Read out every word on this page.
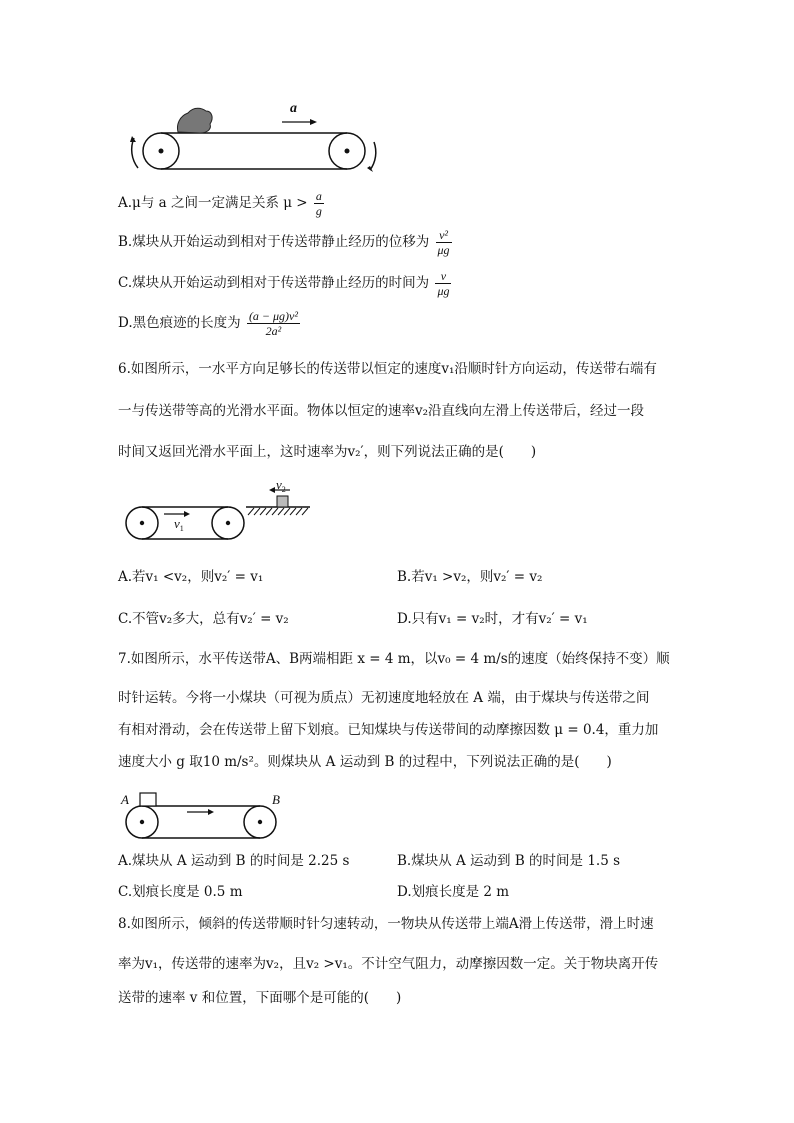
a
A.μ与 a 之间一定满足关系 $\mu > \frac{a}{g}$
B.煤块从开始运动到相对于传送带静止经历的位移为 $\frac{\text{v²}}{\mu g}$
C.煤块从开始运动到相对于传送带静止经历的时间为 $\frac{v}{\mu g}$
D.黑色痕迹的长度为 $\frac{\text{(a − μg)v²}}{\text{2a²}}$
6.如图所示，一水平方向足够长的传送带以恒定的速度v₁沿顺时针方向运动，传送带右端有
一与传送带等高的光滑水平面。物体以恒定的速率v₂沿直线向左滑上传送带后，经过一段
时间又返回光滑水平面上，这时速率为v₂′，则下列说法正确的是(　　)
$v_1$
$v_2$
A.若v₁ <v₂，则v₂′ = v₁	B.若v₁ >v₂，则v₂′ = v₂
C.不管v₂多大，总有v₂′ = v₂	D.只有v₁ = v₂时，才有v₂′ = v₁
7.如图所示，水平传送带A、B两端相距 x = 4 m，以v₀ = 4 m/s的速度（始终保持不变）顺
时针运转。今将一小煤块（可视为质点）无初速度地轻放在 A 端，由于煤块与传送带之间
有相对滑动，会在传送带上留下划痕。已知煤块与传送带间的动摩擦因数 μ = 0.4，重力加
速度大小 g 取10 m/s²。则煤块从 A 运动到 B 的过程中，下列说法正确的是(　　)
A	B
A.煤块从 A 运动到 B 的时间是 2.25 s	B.煤块从 A 运动到 B 的时间是 1.5 s
C.划痕长度是 0.5 m	D.划痕长度是 2 m
8.如图所示，倾斜的传送带顺时针匀速转动，一物块从传送带上端A滑上传送带，滑上时速
率为v₁，传送带的速率为v₂，且v₂ >v₁。不计空气阻力，动摩擦因数一定。关于物块离开传
送带的速率 v 和位置，下面哪个是可能的(　　)
